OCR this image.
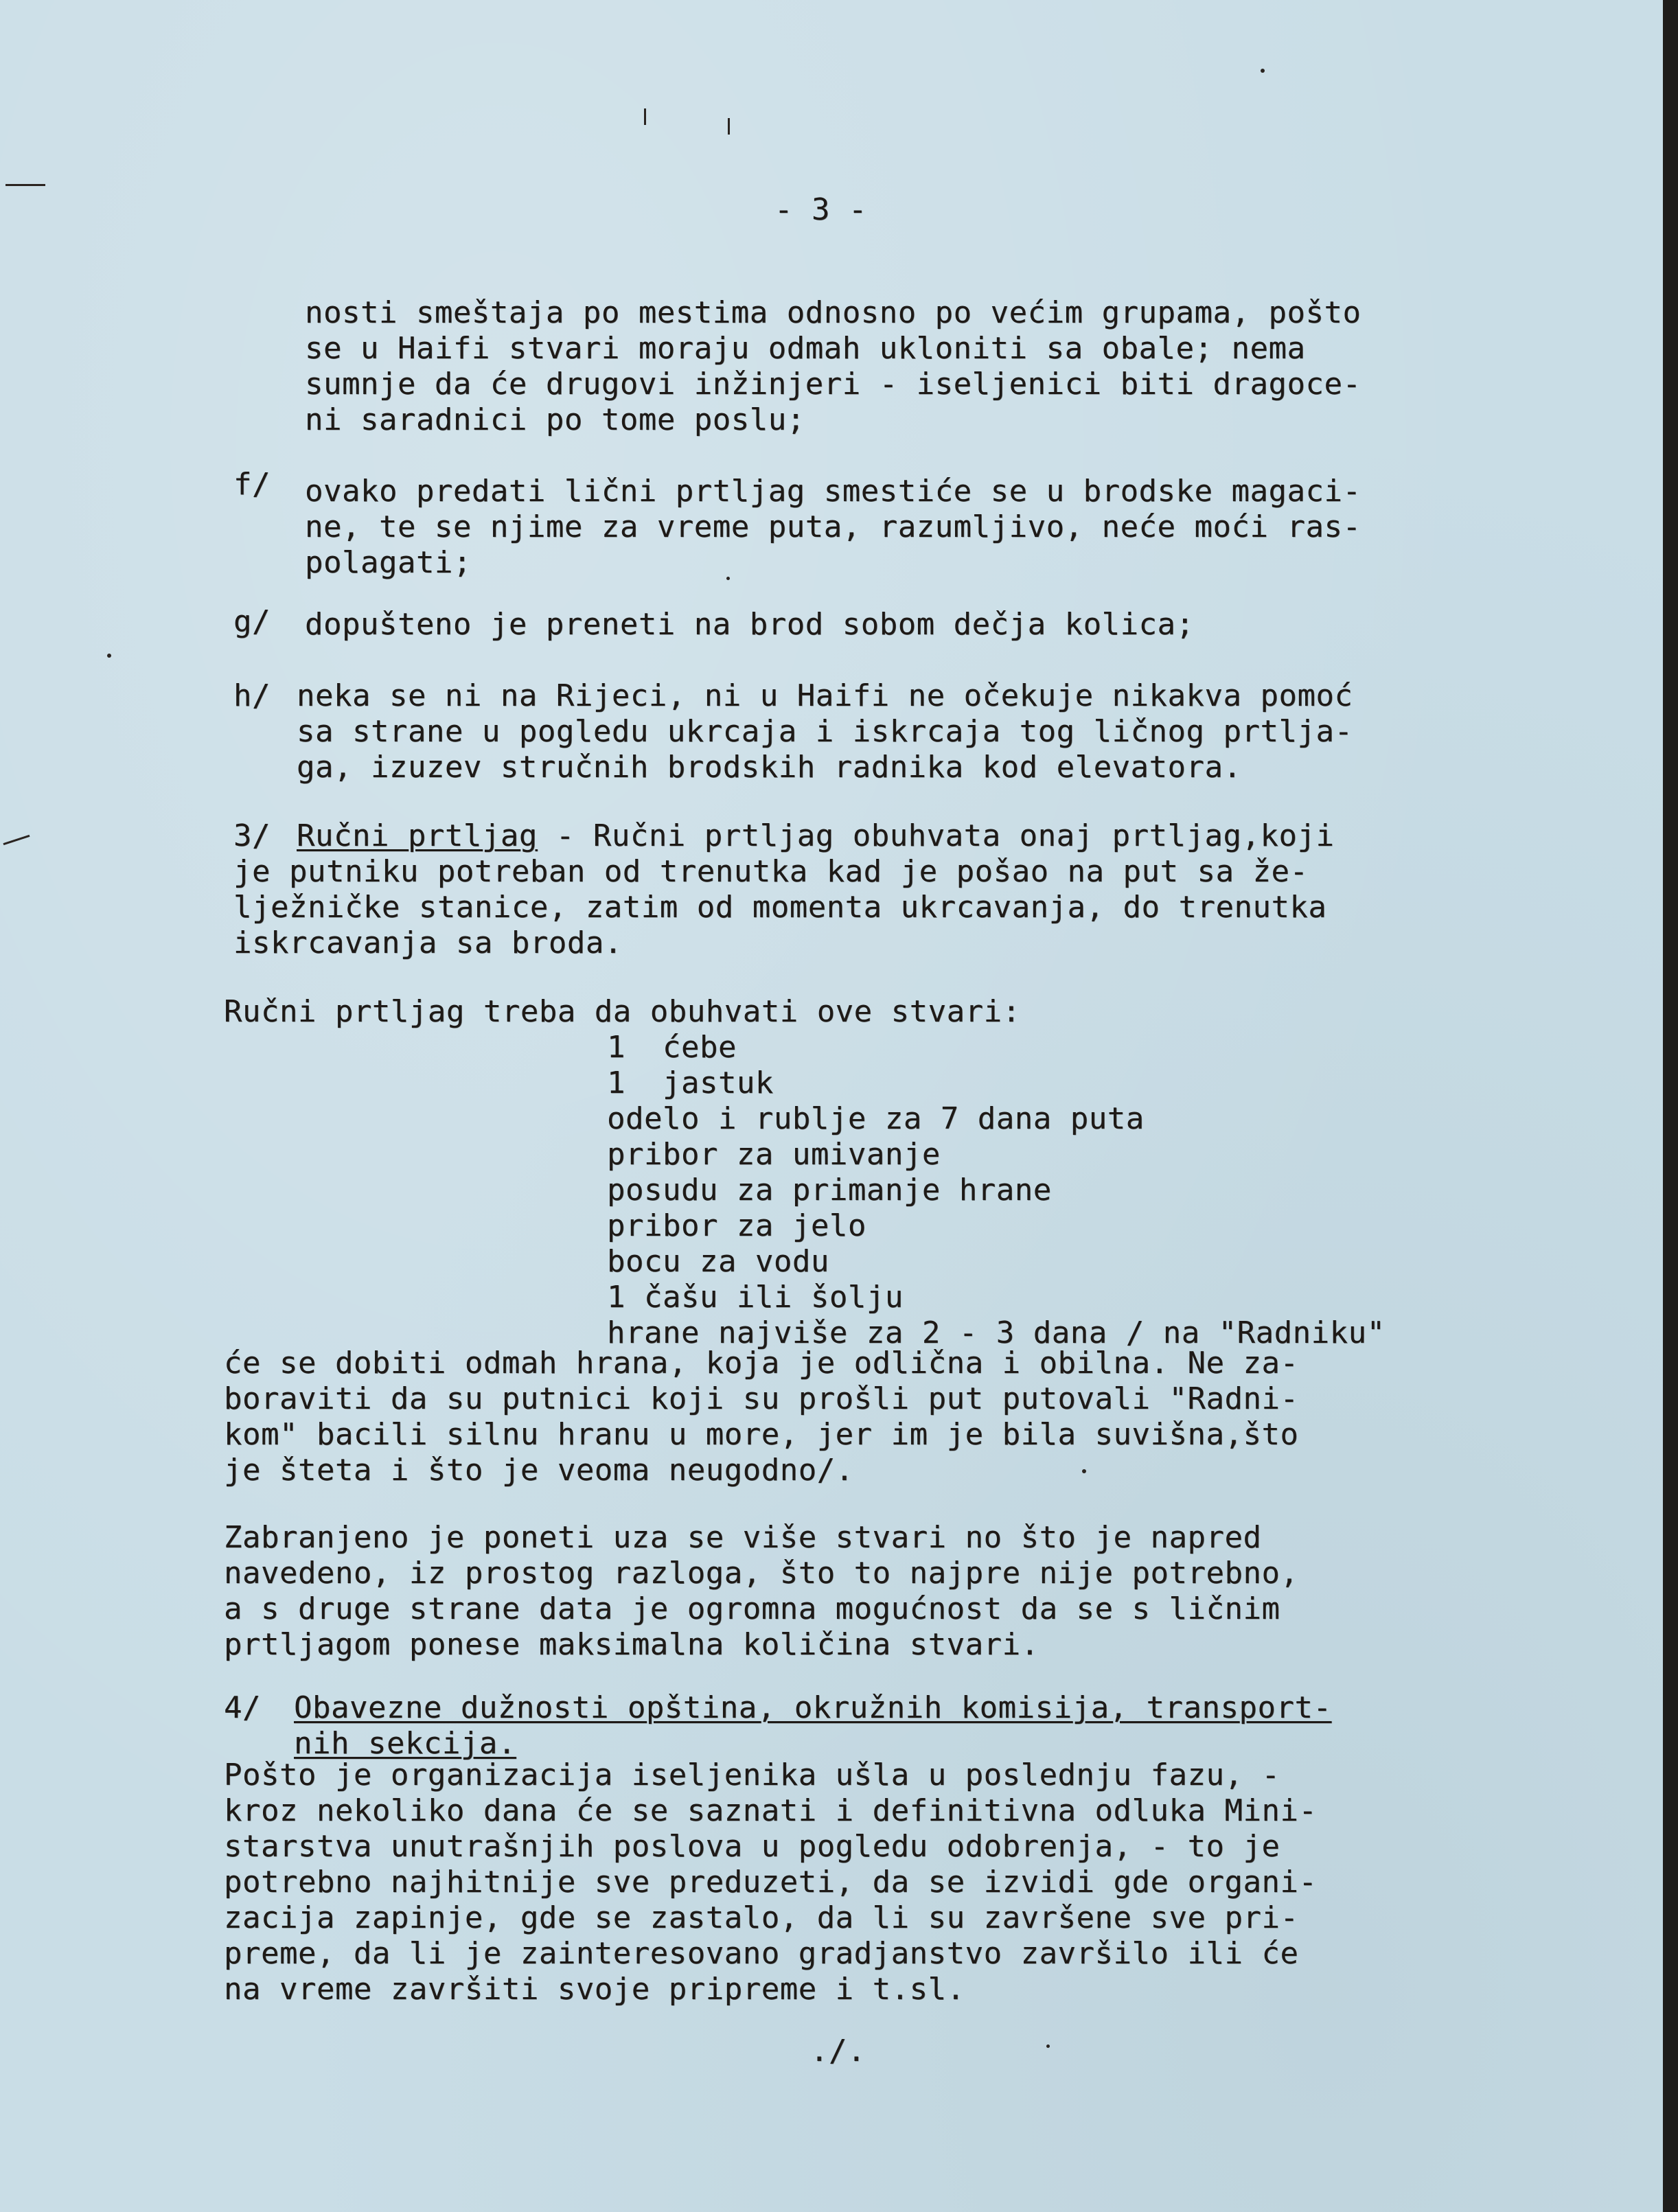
- 3 -
nosti smeštaja po mestima odnosno po većim grupama, pošto
se u Haifi stvari moraju odmah ukloniti sa obale; nema
sumnje da će drugovi inžinjeri - iseljenici biti dragoce-
ni saradnici po tome poslu;
f/ ovako predati lični prtljag smestiće se u brodske magaci-
ne, te se njime za vreme puta, razumljivo, neće moći ras-
polagati;
g/ dopušteno je preneti na brod sobom dečja kolica;
h/ neka se ni na Rijeci, ni u Haifi ne očekuje nikakva pomoć
sa strane u pogledu ukrcaja i iskrcaja tog ličnog prtlja-
ga, izuzev stručnih brodskih radnika kod elevatora.
3/ Ručni prtljag - Ručni prtljag obuhvata onaj prtljag,koji
je putniku potreban od trenutka kad je pošao na put sa že-
lježničke stanice, zatim od momenta ukrcavanja, do trenutka
iskrcavanja sa broda.
Ručni prtljag treba da obuhvati ove stvari:
1  ćebe
1  jastuk
odelo i rublje za 7 dana puta
pribor za umivanje
posudu za primanje hrane
pribor za jelo
bocu za vodu
1 čašu ili šolju
hrane najviše za 2 - 3 dana / na "Radniku"
će se dobiti odmah hrana, koja je odlična i obilna. Ne za-
boraviti da su putnici koji su prošli put putovali "Radni-
kom" bacili silnu hranu u more, jer im je bila suvišna,što
je šteta i što je veoma neugodno/.
Zabranjeno je poneti uza se više stvari no što je napred
navedeno, iz prostog razloga, što to najpre nije potrebno,
a s druge strane data je ogromna mogućnost da se s ličnim
prtljagom ponese maksimalna količina stvari.
4/ Obavezne dužnosti opština, okružnih komisija, transport-
nih sekcija.
Pošto je organizacija iseljenika ušla u poslednju fazu, -
kroz nekoliko dana će se saznati i definitivna odluka Mini-
starstva unutrašnjih poslova u pogledu odobrenja, - to je
potrebno najhitnije sve preduzeti, da se izvidi gde organi-
zacija zapinje, gde se zastalo, da li su završene sve pri-
preme, da li je zainteresovano gradjanstvo završilo ili će
na vreme završiti svoje pripreme i t.sl.
./.
